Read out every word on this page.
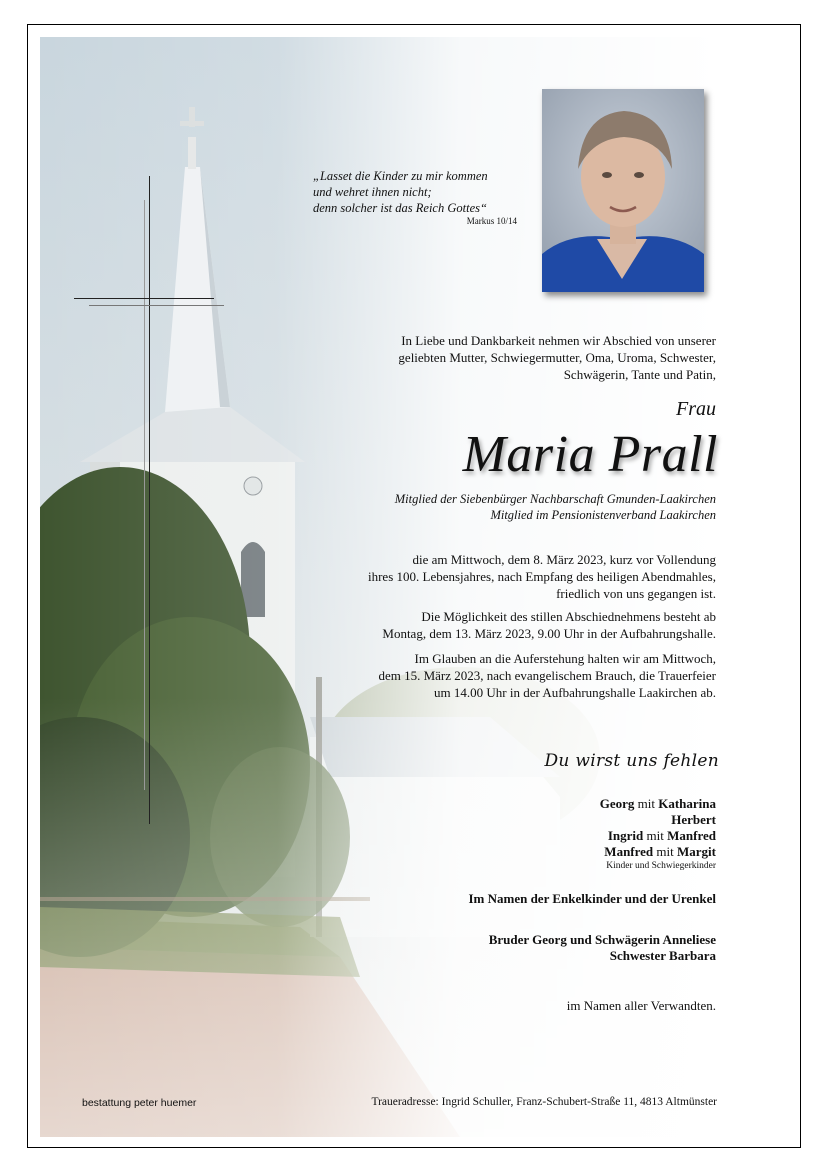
„Lasset die Kinder zu mir kommen
und wehret ihnen nicht;
denn solcher ist das Reich Gottes“
Markus 10/14
In Liebe und Dankbarkeit nehmen wir Abschied von unserer
geliebten Mutter, Schwiegermutter, Oma, Uroma, Schwester,
Schwägerin, Tante und Patin,
Frau
Maria Prall
Mitglied der Siebenbürger Nachbarschaft Gmunden-Laakirchen
Mitglied im Pensionistenverband Laakirchen
die am Mittwoch, dem 8. März 2023, kurz vor Vollendung
ihres 100. Lebensjahres, nach Empfang des heiligen Abendmahles,
friedlich von uns gegangen ist.
Die Möglichkeit des stillen Abschiednehmens besteht ab
Montag, dem 13. März 2023, 9.00 Uhr in der Aufbahrungshalle.
Im Glauben an die Auferstehung halten wir am Mittwoch,
dem 15. März 2023, nach evangelischem Brauch, die Trauerfeier
um 14.00 Uhr in der Aufbahrungshalle Laakirchen ab.
Du wirst uns fehlen
Georg mit Katharina
Herbert
Ingrid mit Manfred
Manfred mit Margit
Kinder und Schwiegerkinder
Im Namen der Enkelkinder und der Urenkel
Bruder Georg und Schwägerin Anneliese
Schwester Barbara
im Namen aller Verwandten.
bestattung peter huemer	Traueradresse: Ingrid Schuller, Franz-Schubert-Straße 11, 4813 Altmünster
